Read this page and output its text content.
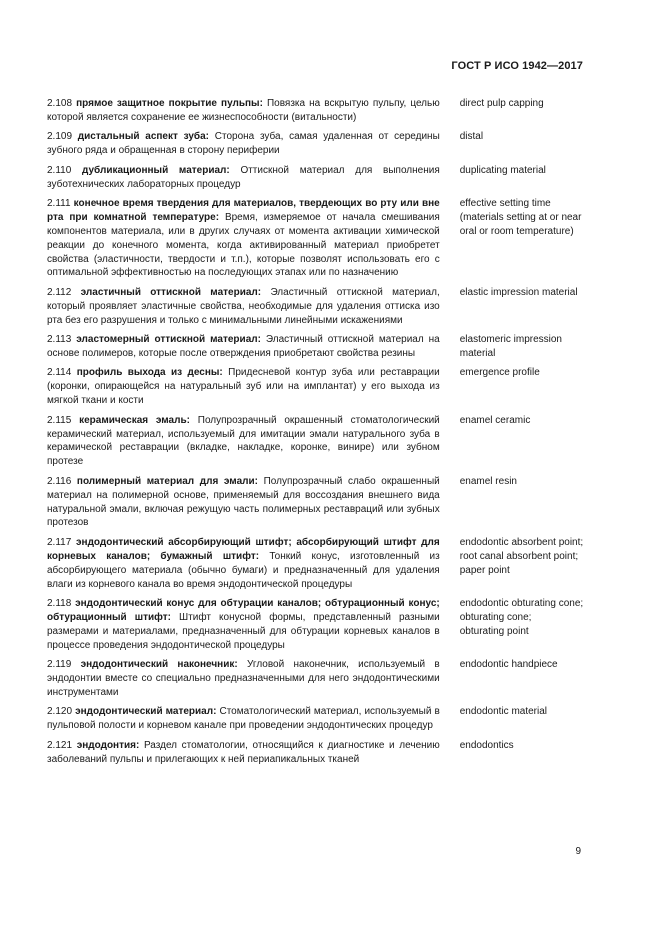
ГОСТ Р ИСО 1942—2017
2.108 прямое защитное покрытие пульпы: Повязка на вскрытую пульпу, целью которой является сохранение ее жизнеспособности (витальности)
direct pulp capping
2.109 дистальный аспект зуба: Сторона зуба, самая удаленная от середины зубного ряда и обращенная в сторону периферии
distal
2.110 дубликационный материал: Оттискной материал для выполнения зуботехнических лабораторных процедур
duplicating material
2.111 конечное время твердения для материалов, твердеющих во рту или вне рта при комнатной температуре: Время, измеряемое от начала смешивания компонентов материала, или в других случаях от момента активации химической реакции до конечного момента, когда активированный материал приобретет свойства (эластичности, твердости и т.п.), которые позволят использовать его с оптимальной эффективностью на последующих этапах или по назначению
effective setting time (materials setting at or near oral or room temperature)
2.112 эластичный оттискной материал: Эластичный оттискной материал, который проявляет эластичные свойства, необходимые для удаления оттиска изо рта без его разрушения и только с минимальными линейными искажениями
elastic impression material
2.113 эластомерный оттискной материал: Эластичный оттискной материал на основе полимеров, которые после отверждения приобретают свойства резины
elastomeric impression material
2.114 профиль выхода из десны: Придесневой контур зуба или реставрации (коронки, опирающейся на натуральный зуб или на имплантат) у его выхода из мягкой ткани и кости
emergence profile
2.115 керамическая эмаль: Полупрозрачный окрашенный стоматологический керамический материал, используемый для имитации эмали натурального зуба в керамической реставрации (вкладке, накладке, коронке, винире) или зубном протезе
enamel ceramic
2.116 полимерный материал для эмали: Полупрозрачный слабо окрашенный материал на полимерной основе, применяемый для воссоздания внешнего вида натуральной эмали, включая режущую часть полимерных реставраций или зубных протезов
enamel resin
2.117 эндодонтический абсорбирующий штифт; абсорбирующий штифт для корневых каналов; бумажный штифт: Тонкий конус, изготовленный из абсорбирующего материала (обычно бумаги) и предназначенный для удаления влаги из корневого канала во время эндодонтической процедуры
endodontic absorbent point;
root canal absorbent point; paper point
2.118 эндодонтический конус для обтурации каналов; обтурационный конус; обтурационный штифт: Штифт конусной формы, представленный разными размерами и материалами, предназначенный для обтурации корневых каналов в процессе проведения эндодонтической процедуры
endodontic obturating cone;
obturating cone;
obturating point
2.119 эндодонтический наконечник: Угловой наконечник, используемый в эндодонтии вместе со специально предназначенными для него эндодонтическими инструментами
endodontic handpiece
2.120 эндодонтический материал: Стоматологический материал, используемый в пульповой полости и корневом канале при проведении эндодонтических процедур
endodontic material
2.121 эндодонтия: Раздел стоматологии, относящийся к диагностике и лечению заболеваний пульпы и прилегающих к ней периапикальных тканей
endodontics
9
